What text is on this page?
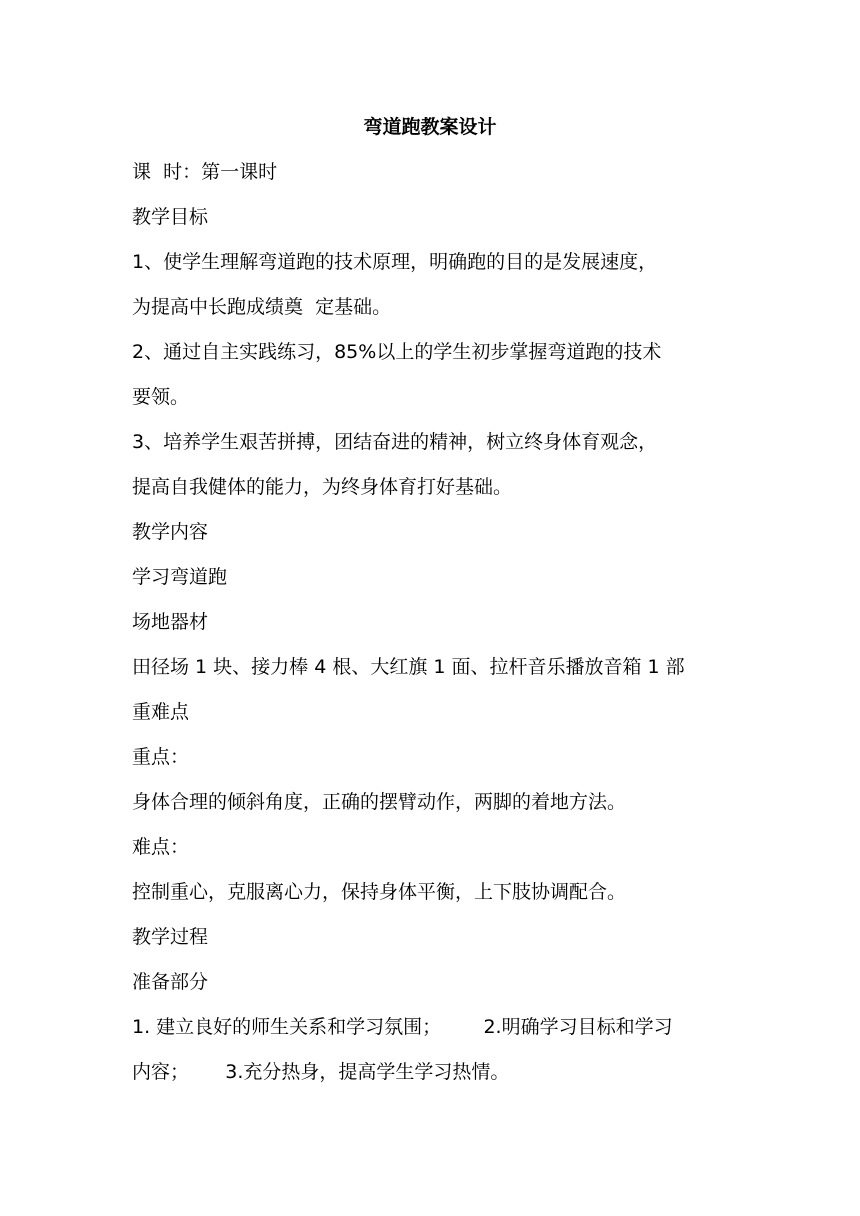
弯道跑教案设计
课  时：第一课时
教学目标
1、使学生理解弯道跑的技术原理，明确跑的目的是发展速度，
为提高中长跑成绩奠  定基础。
2、通过自主实践练习，85%以上的学生初步掌握弯道跑的技术
要领。
3、培养学生艰苦拼搏，团结奋进的精神，树立终身体育观念，
提高自我健体的能力，为终身体育打好基础。
教学内容
学习弯道跑
场地器材
田径场 1 块、接力棒 4 根、大红旗 1 面、拉杆音乐播放音箱 1 部
重难点
重点：
身体合理的倾斜角度，正确的摆臂动作，两脚的着地方法。
难点：
控制重心，克服离心力，保持身体平衡，上下肢协调配合。
教学过程
准备部分
1. 建立良好的师生关系和学习氛围；       2.明确学习目标和学习
内容；      3.充分热身，提高学生学习热情。
